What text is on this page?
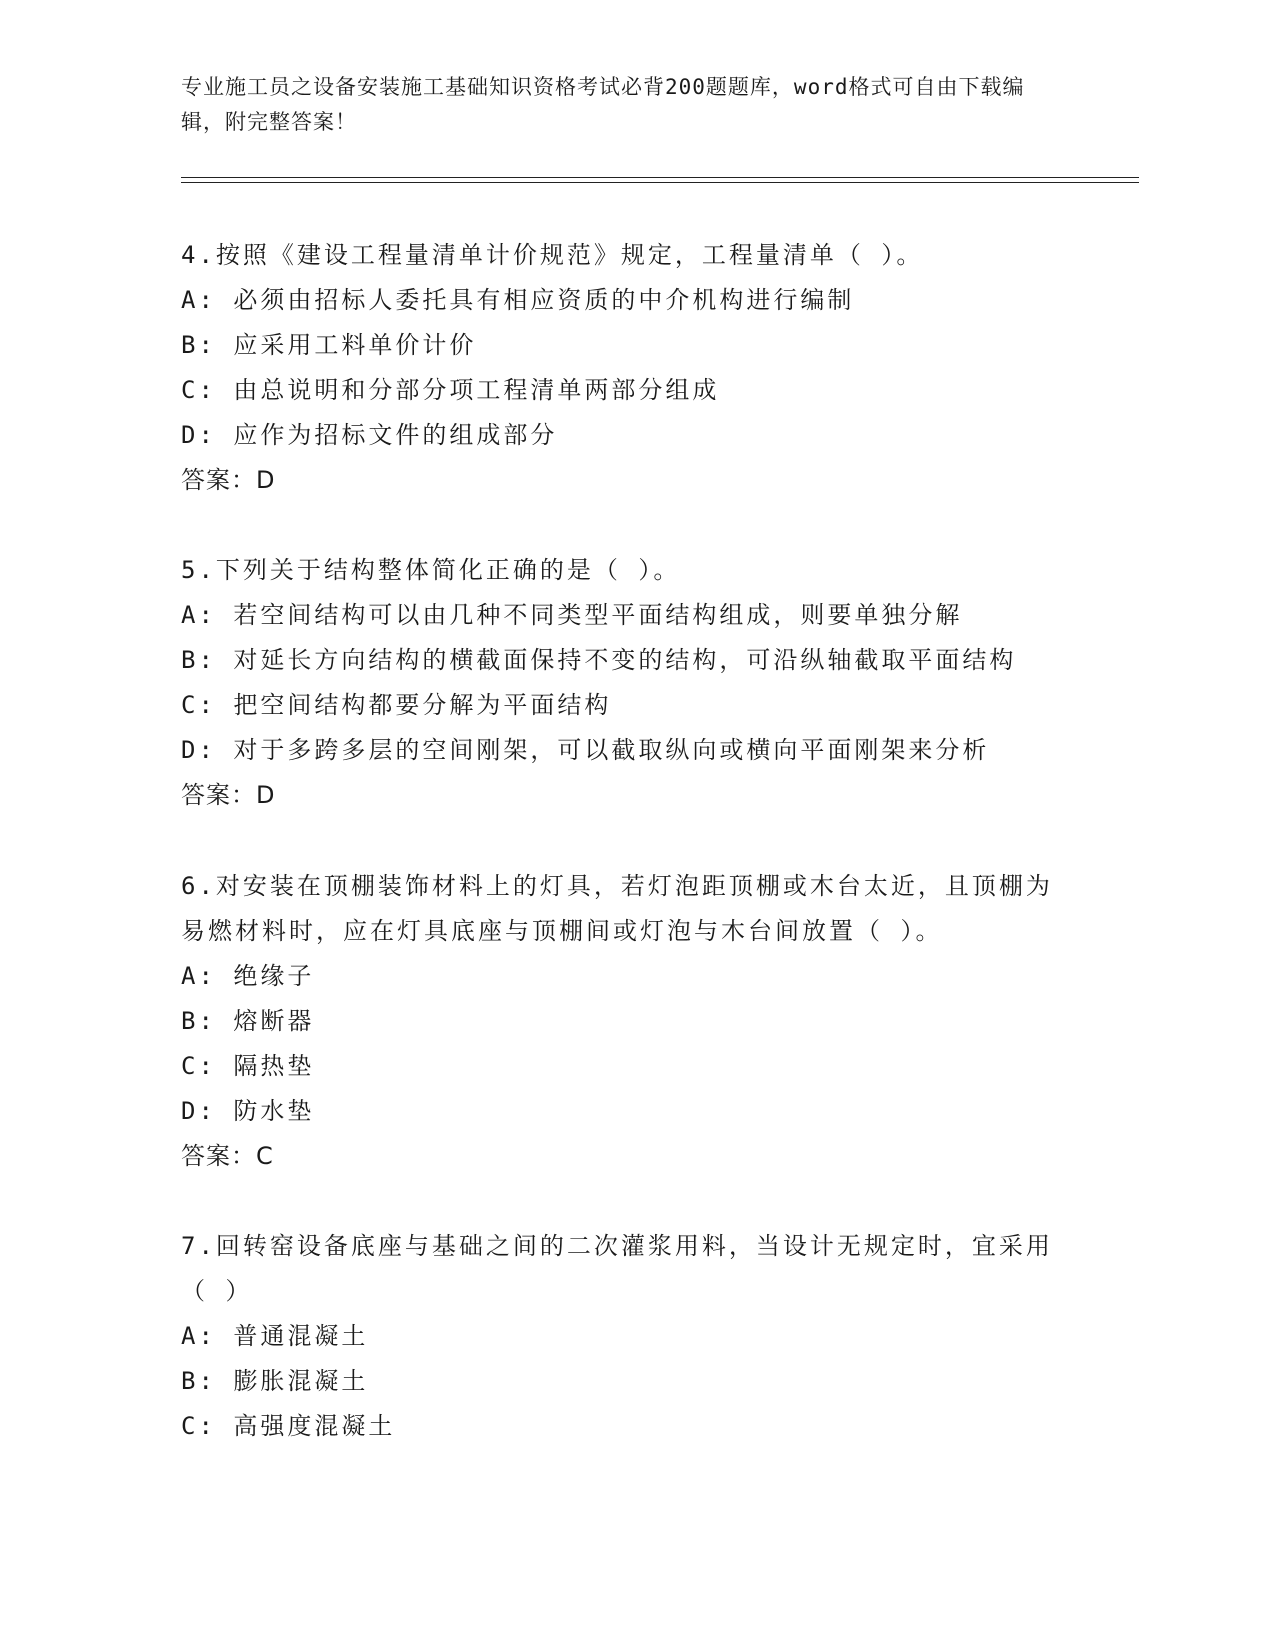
专业施工员之设备安装施工基础知识资格考试必背200题题库，word格式可自由下载编辑，附完整答案！
4.按照《建设工程量清单计价规范》规定，工程量清单（ ）。
A: 必须由招标人委托具有相应资质的中介机构进行编制
B: 应采用工料单价计价
C: 由总说明和分部分项工程清单两部分组成
D: 应作为招标文件的组成部分
答案：D
5.下列关于结构整体简化正确的是（ ）。
A: 若空间结构可以由几种不同类型平面结构组成，则要单独分解
B: 对延长方向结构的横截面保持不变的结构，可沿纵轴截取平面结构
C: 把空间结构都要分解为平面结构
D: 对于多跨多层的空间刚架，可以截取纵向或横向平面刚架来分析
答案：D
6.对安装在顶棚装饰材料上的灯具，若灯泡距顶棚或木台太近，且顶棚为易燃材料时，应在灯具底座与顶棚间或灯泡与木台间放置（ ）。
A: 绝缘子
B: 熔断器
C: 隔热垫
D: 防水垫
答案：C
7.回转窑设备底座与基础之间的二次灌浆用料，当设计无规定时，宜采用（ ）
A: 普通混凝土
B: 膨胀混凝土
C: 高强度混凝土
